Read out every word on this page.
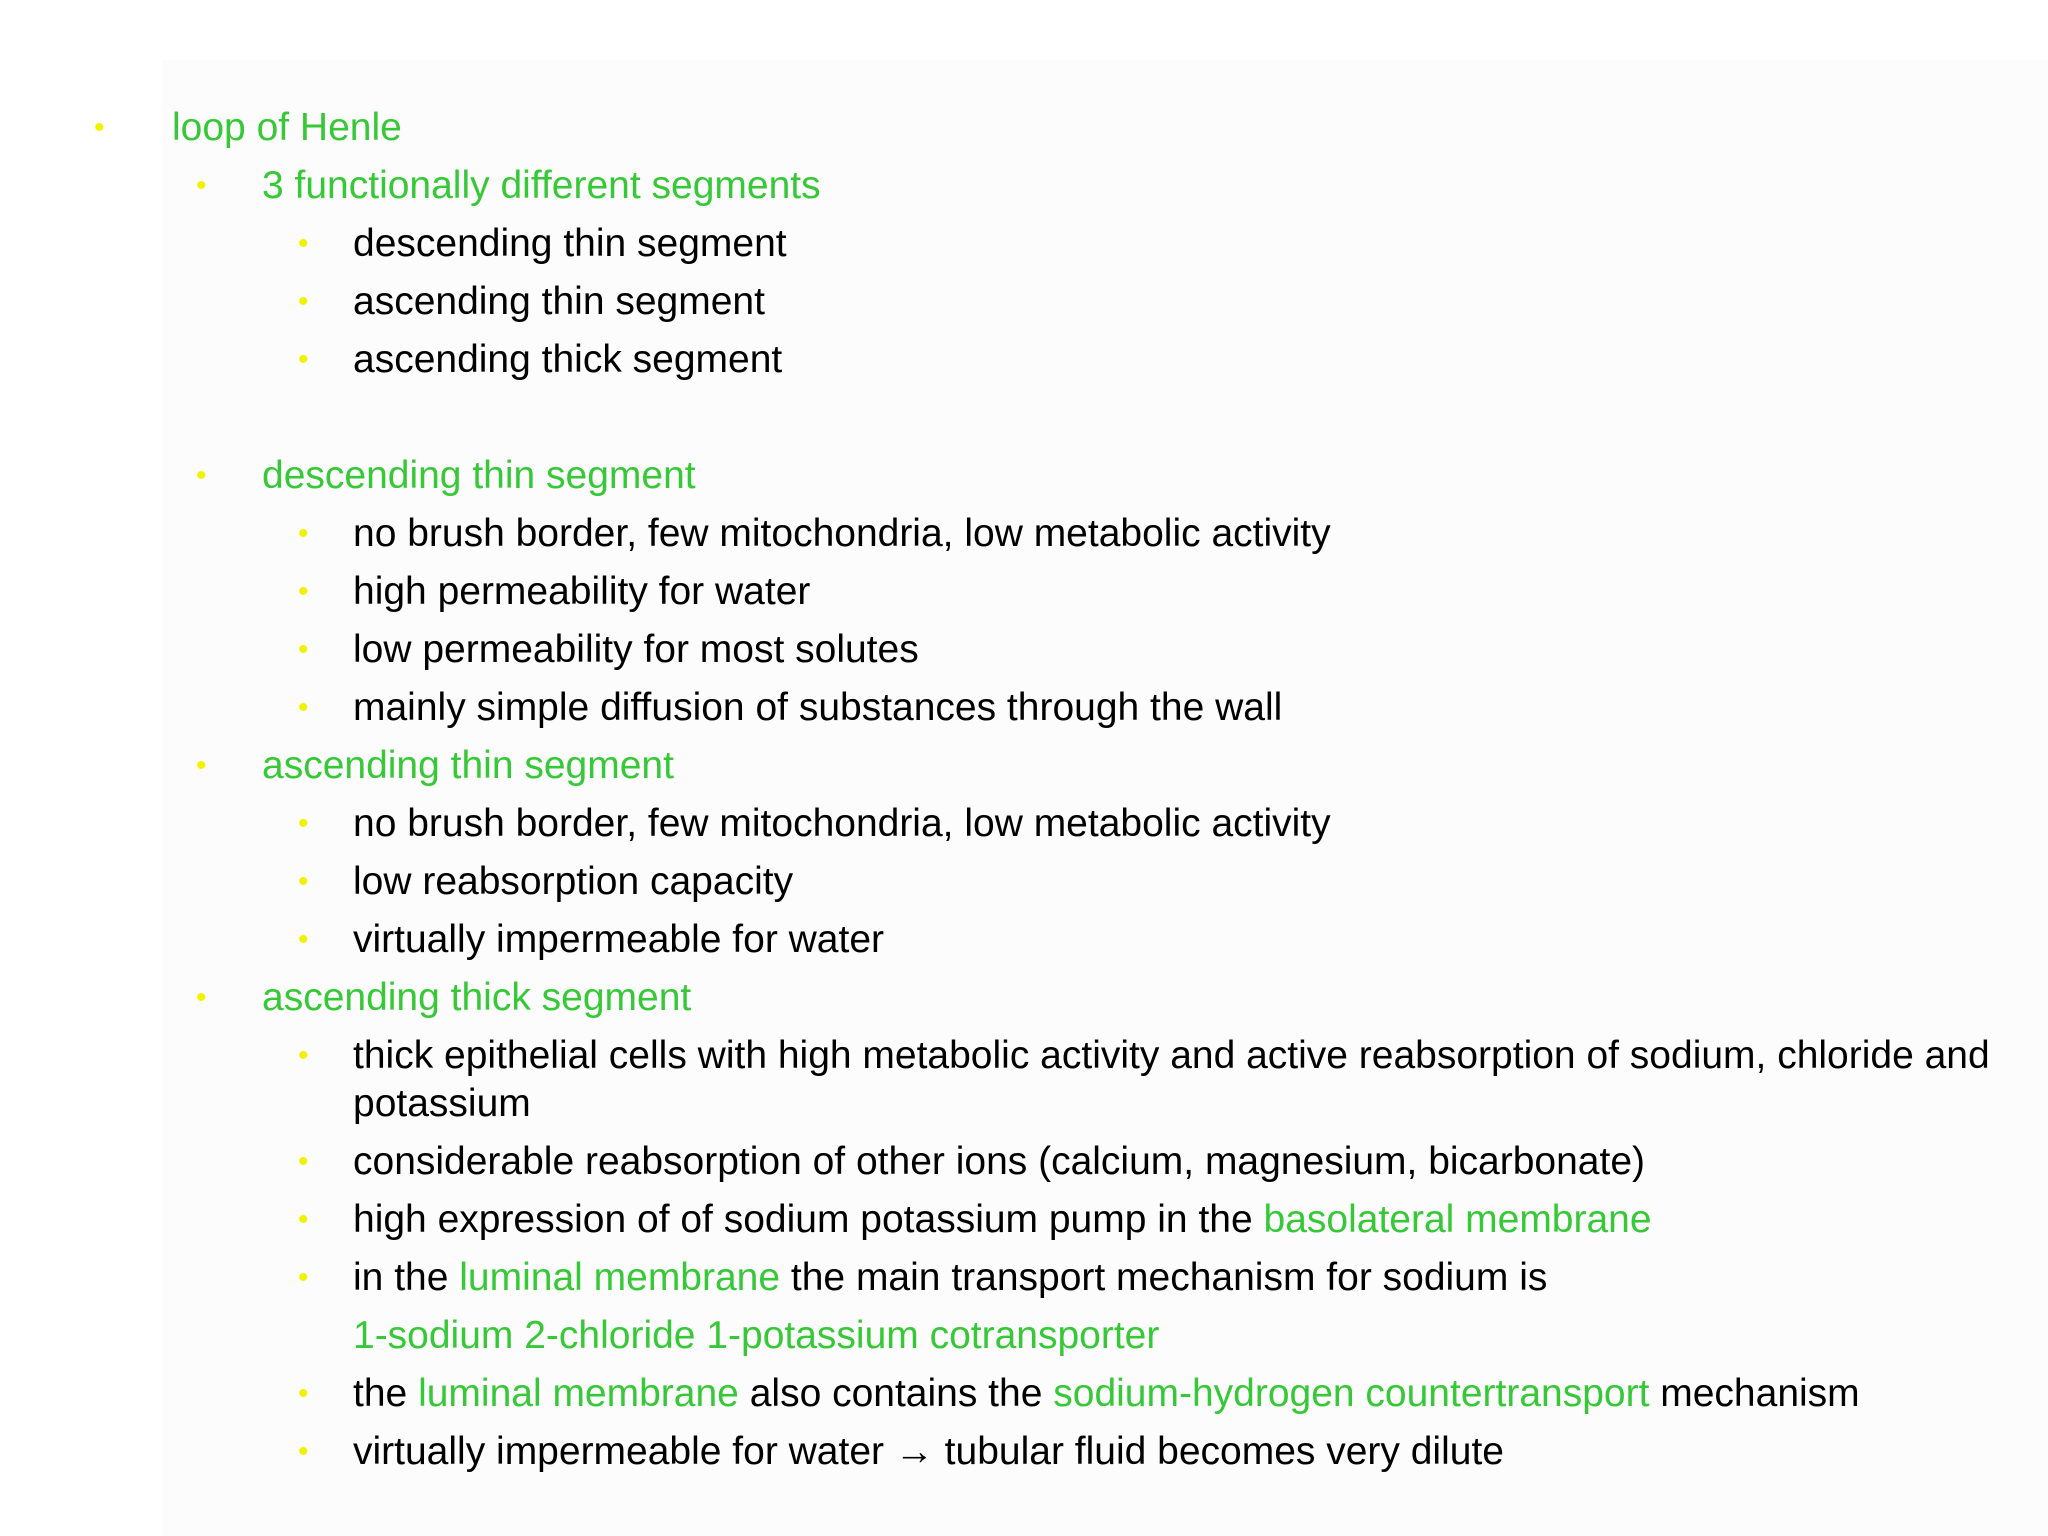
• loop of Henle
• 3 functionally different segments
• descending thin segment
• ascending thin segment
• ascending thick segment
• descending thin segment
• no brush border, few mitochondria, low metabolic activity
• high permeability for water
• low permeability for most solutes
• mainly simple diffusion of substances through the wall
• ascending thin segment
• no brush border, few mitochondria, low metabolic activity
• low reabsorption capacity
• virtually impermeable for water
• ascending thick segment
• thick epithelial cells with high metabolic activity and active reabsorption of sodium, chloride and potassium
• considerable reabsorption of other ions (calcium, magnesium, bicarbonate)
• high expression of of sodium potassium pump in the basolateral membrane
• in the luminal membrane the main transport mechanism for sodium is
1-sodium 2-chloride 1-potassium cotransporter
• the luminal membrane also contains the sodium-hydrogen countertransport mechanism
• virtually impermeable for water → tubular fluid becomes very dilute
